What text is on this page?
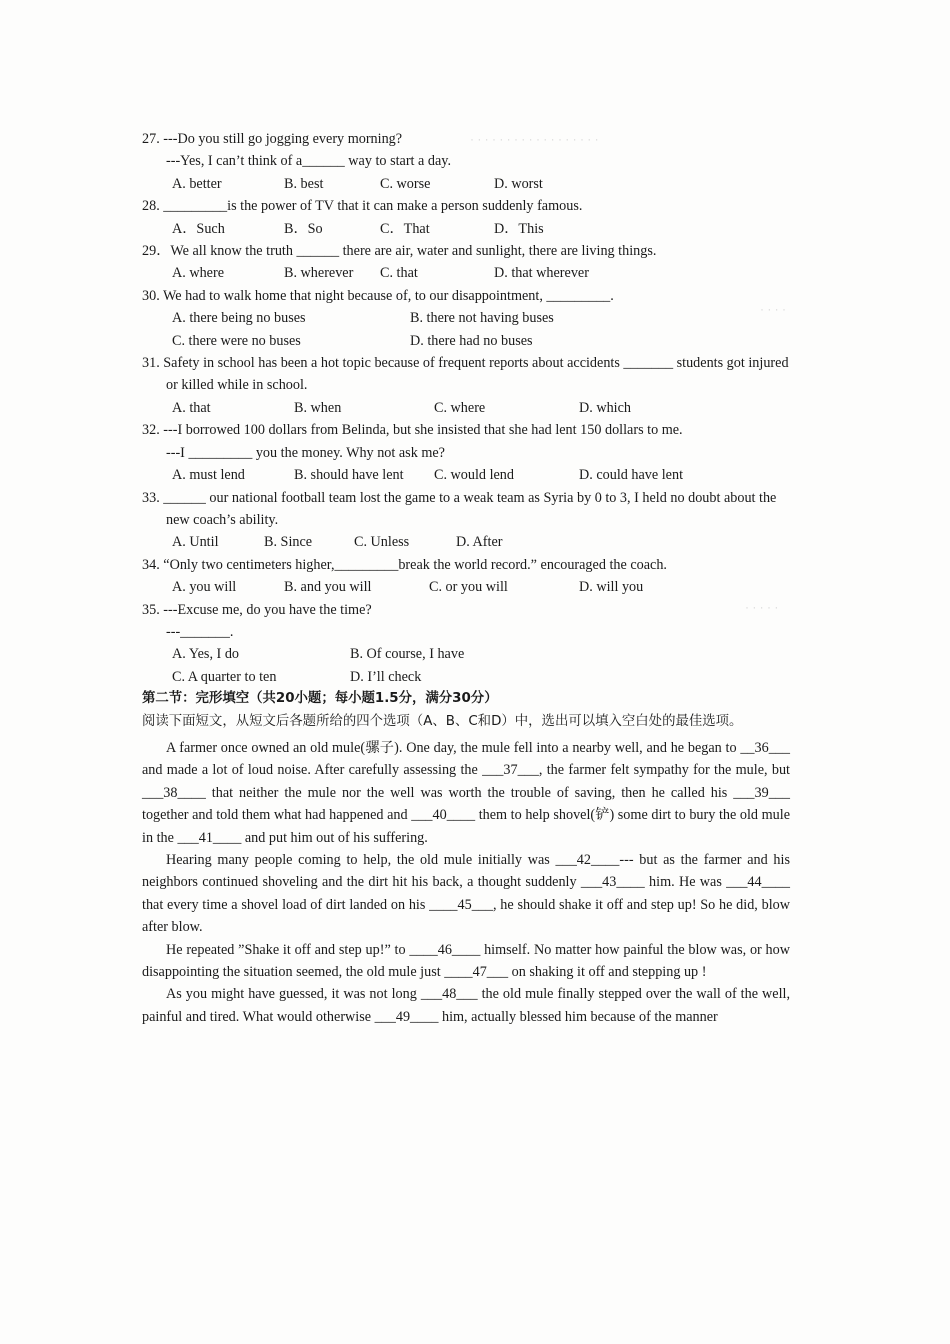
· · · · · · · · · · · · · · · · · ·
· · · ·
· · · · ·

27. ---Do you still go jogging every morning?

---Yes, I can’t think of a______ way to start a day.

A. better	B. best	C. worse	D. worst

28. _________is the power of TV that it can make a person suddenly famous.

A．Such	B．So	C．That	D．This

29．We all know the truth ______ there are air, water and sunlight, there are living things.

A. where	B. wherever	C. that	D. that wherever

30. We had to walk home that night because of, to our disappointment, _________.

A. there being no buses	B. there not having buses
C. there were no buses	D. there had no buses

31. Safety in school has been a hot topic because of frequent reports about accidents _______ students got injured or killed while in school.

A. that	B. when	C. where	D. which

32. ---I borrowed 100 dollars from Belinda, but she insisted that she had lent 150 dollars to me.

---I _________ you the money. Why not ask me?

A. must lend	B. should have lent	C. would lend	D. could have lent

33. ______ our national football team lost the game to a weak team as Syria by 0 to 3, I held no doubt about the new coach’s ability.

A. Until	B. Since	C. Unless	D. After

34. “Only two centimeters higher,_________break the world record.” encouraged the coach.

A. you will	B. and you will	C. or you will	D. will you

35. ---Excuse me, do you have the time?

---_______.

A. Yes, I do	B. Of course, I have
C. A quarter to ten	D. I’ll check

第二节：完形填空（共20小题；每小题1.5分，满分30分）

阅读下面短文，从短文后各题所给的四个选项（A、B、C和D）中，选出可以填入空白处的最佳选项。

A farmer once owned an old mule(骡子). One day, the mule fell into a nearby well, and he began to __36___ and made a lot of loud noise. After carefully assessing the ___37___, the farmer felt sympathy for the mule, but ___38____ that neither the mule nor the well was worth the trouble of saving, then he called his ___39___ together and told them what had happened and ___40____ them to help shovel(铲) some dirt to bury the old mule in the ___41____ and put him out of his suffering.

Hearing many people coming to help, the old mule initially was ___42____--- but as the farmer and his neighbors continued shoveling and the dirt hit his back, a thought suddenly ___43____ him. He was ___44____ that every time a shovel load of dirt landed on his ____45___, he should shake it off and step up! So he did, blow after blow.

He repeated ”Shake it off and step up!” to ____46____ himself. No matter how painful the blow was, or how disappointing the situation seemed, the old mule just ____47___ on shaking it off and stepping up !

As you might have guessed, it was not long ___48___ the old mule finally stepped over the wall of the well, painful and tired. What would otherwise ___49____ him, actually blessed him because of the manner
